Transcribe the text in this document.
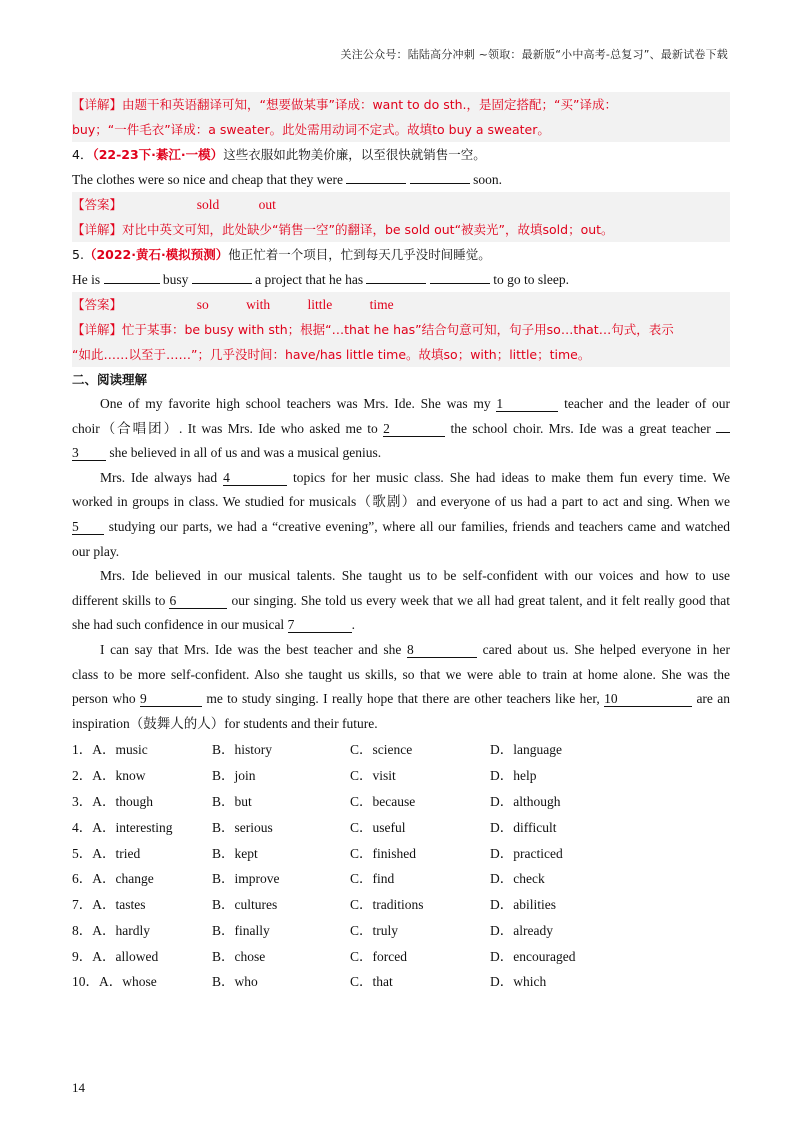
关注公众号：陆陆高分冲刺 ~领取：最新版“小中高考-总复习”、最新试卷下载
【详解】由题干和英语翻译可知，“想要做某事”译成：want to do sth.，是固定搭配；“买”译成：
buy；“一件毛衣”译成：a sweater。此处需用动词不定式。故填to buy a sweater。
4．（22-23下·綦江·一模）这些衣服如此物美价廉，以至很快就销售一空。
The clothes were so nice and cheap that they were	soon.
【答案】	sold	out
【详解】对比中英文可知，此处缺少“销售一空”的翻译，be sold out“被卖光”，故填sold；out。
5.（2022·黄石·模拟预测）他正忙着一个项目，忙到每天几乎没时间睡觉。
He is	busy	a project that he has	to go to sleep.
【答案】	so	with	little	time
【详解】忙于某事：be busy with sth；根据“…that he has”结合句意可知，句子用so…that…句式，表示
“如此……以至于……”；几乎没时间：have/has little time。故填so；with；little；time。
二、阅读理解
One of my favorite high school teachers was Mrs. Ide. She was my 1	teacher and the leader of our
choir（合唱团）. It was Mrs. Ide who asked me to 2	the school choir. Mrs. Ide was a great teacher
3 she believed in all of us and was a musical genius.
Mrs. Ide always had 4	topics for her music class. She had ideas to make them fun every time. We
worked in groups in class. We studied for musicals（歌剧）and everyone of us had a part to act and sing. When we
5 studying our parts, we had a “creative evening”, where all our families, friends and teachers came and watched
our play.
Mrs. Ide believed in our musical talents. She taught us to be self-confident with our voices and how to use
different skills to 6	our singing. She told us every week that we all had great talent, and it felt really good that
she had such confidence in our musical 7	.
I can say that Mrs. Ide was the best teacher and she 8	cared about us. She helped everyone in her
class to be more self-confident. Also she taught us skills, so that we were able to train at home alone. She was the
person who 9	me to study singing. I really hope that there are other teachers like her, 10	are an
inspiration（鼓舞人的人）for students and their future.
1．A．music	B．history	C．science	D．language
2．A．know	B．join	C．visit	D．help
3．A．though	B．but	C．because	D．although
4．A．interesting	B．serious	C．useful	D．difficult
5．A．tried	B．kept	C．finished	D．practiced
6．A．change	B．improve	C．find	D．check
7．A．tastes	B．cultures	C．traditions	D．abilities
8．A．hardly	B．finally	C．truly	D．already
9．A．allowed	B．chose	C．forced	D．encouraged
10．A．whose	B．who	C．that	D．which
14
